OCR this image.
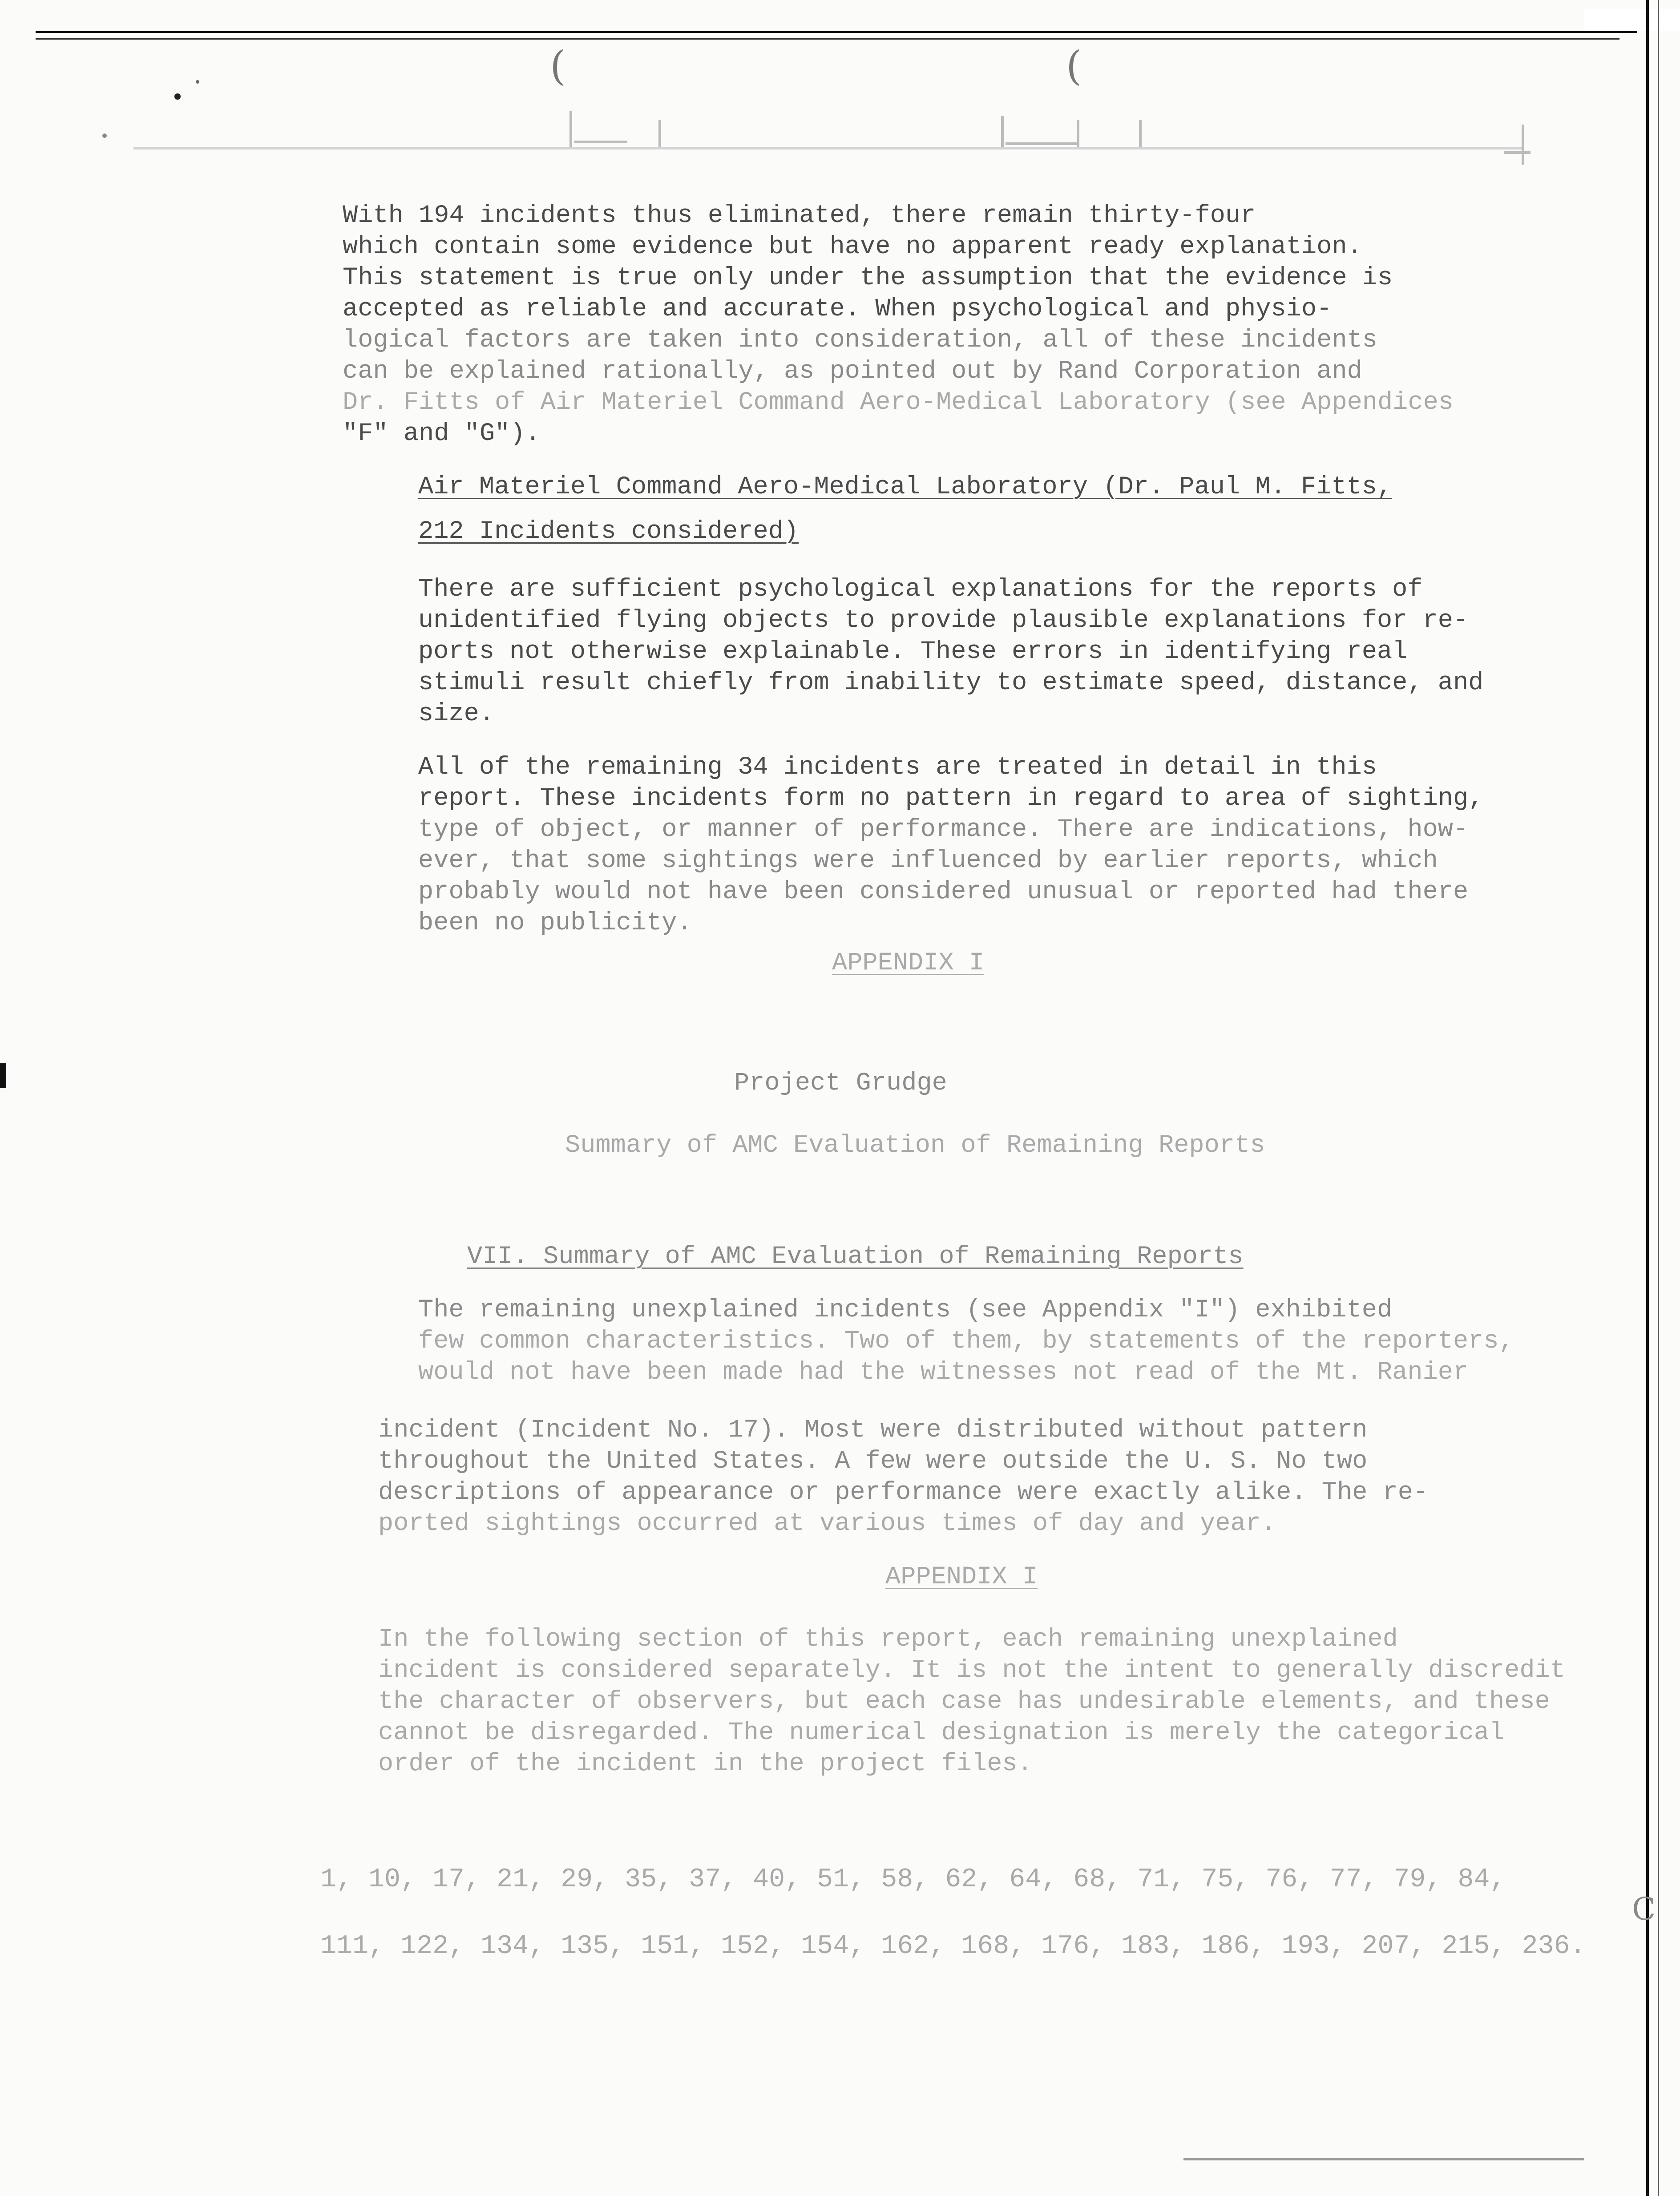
(	(
C
With 194 incidents thus eliminated, there remain thirty-four
which contain some evidence but have no apparent ready explanation.
This statement is true only under the assumption that the evidence is
accepted as reliable and accurate. When psychological and physio-
logical factors are taken into consideration, all of these incidents
can be explained rationally, as pointed out by Rand Corporation and
Dr. Fitts of Air Materiel Command Aero-Medical Laboratory (see Appendices
"F" and "G").
Air Materiel Command Aero-Medical Laboratory (Dr. Paul M. Fitts,
212 Incidents considered)
There are sufficient psychological explanations for the reports of
unidentified flying objects to provide plausible explanations for re-
ports not otherwise explainable. These errors in identifying real
stimuli result chiefly from inability to estimate speed, distance, and
size.
All of the remaining 34 incidents are treated in detail in this
report. These incidents form no pattern in regard to area of sighting,
type of object, or manner of performance. There are indications, how-
ever, that some sightings were influenced by earlier reports, which
probably would not have been considered unusual or reported had there
been no publicity.
APPENDIX I
Project Grudge
Summary of AMC Evaluation of Remaining Reports
VII. Summary of AMC Evaluation of Remaining Reports
The remaining unexplained incidents (see Appendix "I") exhibited
few common characteristics. Two of them, by statements of the reporters,
would not have been made had the witnesses not read of the Mt. Ranier
incident (Incident No. 17). Most were distributed without pattern
throughout the United States. A few were outside the U. S. No two
descriptions of appearance or performance were exactly alike. The re-
ported sightings occurred at various times of day and year.
APPENDIX I
In the following section of this report, each remaining unexplained
incident is considered separately. It is not the intent to generally discredit
the character of observers, but each case has undesirable elements, and these
cannot be disregarded. The numerical designation is merely the categorical
order of the incident in the project files.
1, 10, 17, 21, 29, 35, 37, 40, 51, 58, 62, 64, 68, 71, 75, 76, 77, 79, 84,
111, 122, 134, 135, 151, 152, 154, 162, 168, 176, 183, 186, 193, 207, 215, 236.
